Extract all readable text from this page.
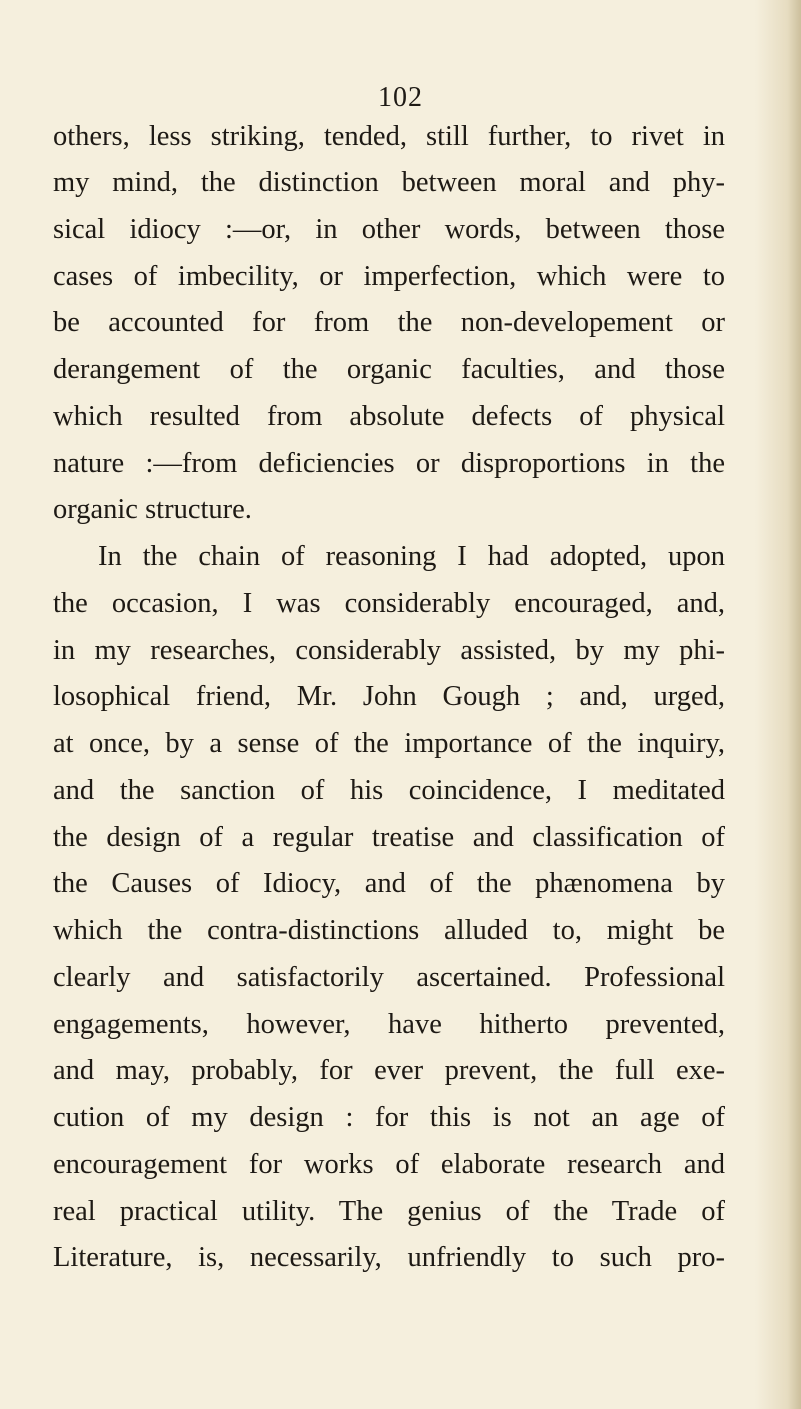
102
others, less striking, tended, still further, to rivet in
my mind, the distinction between moral and phy-
sical idiocy :—or, in other words, between those
cases of imbecility, or imperfection, which were to
be accounted for from the non-developement or
derangement of the organic faculties, and those
which resulted from absolute defects of physical
nature :—from deficiencies or disproportions in the
organic structure.
In the chain of reasoning I had adopted, upon
the occasion, I was considerably encouraged, and,
in my researches, considerably assisted, by my phi-
losophical friend, Mr. John Gough ; and, urged,
at once, by a sense of the importance of the inquiry,
and the sanction of his coincidence, I meditated
the design of a regular treatise and classification of
the Causes of Idiocy, and of the phænomena by
which the contra-distinctions alluded to, might be
clearly and satisfactorily ascertained. Professional
engagements, however, have hitherto prevented,
and may, probably, for ever prevent, the full exe-
cution of my design : for this is not an age of
encouragement for works of elaborate research and
real practical utility. The genius of the Trade of
Literature, is, necessarily, unfriendly to such pro-
